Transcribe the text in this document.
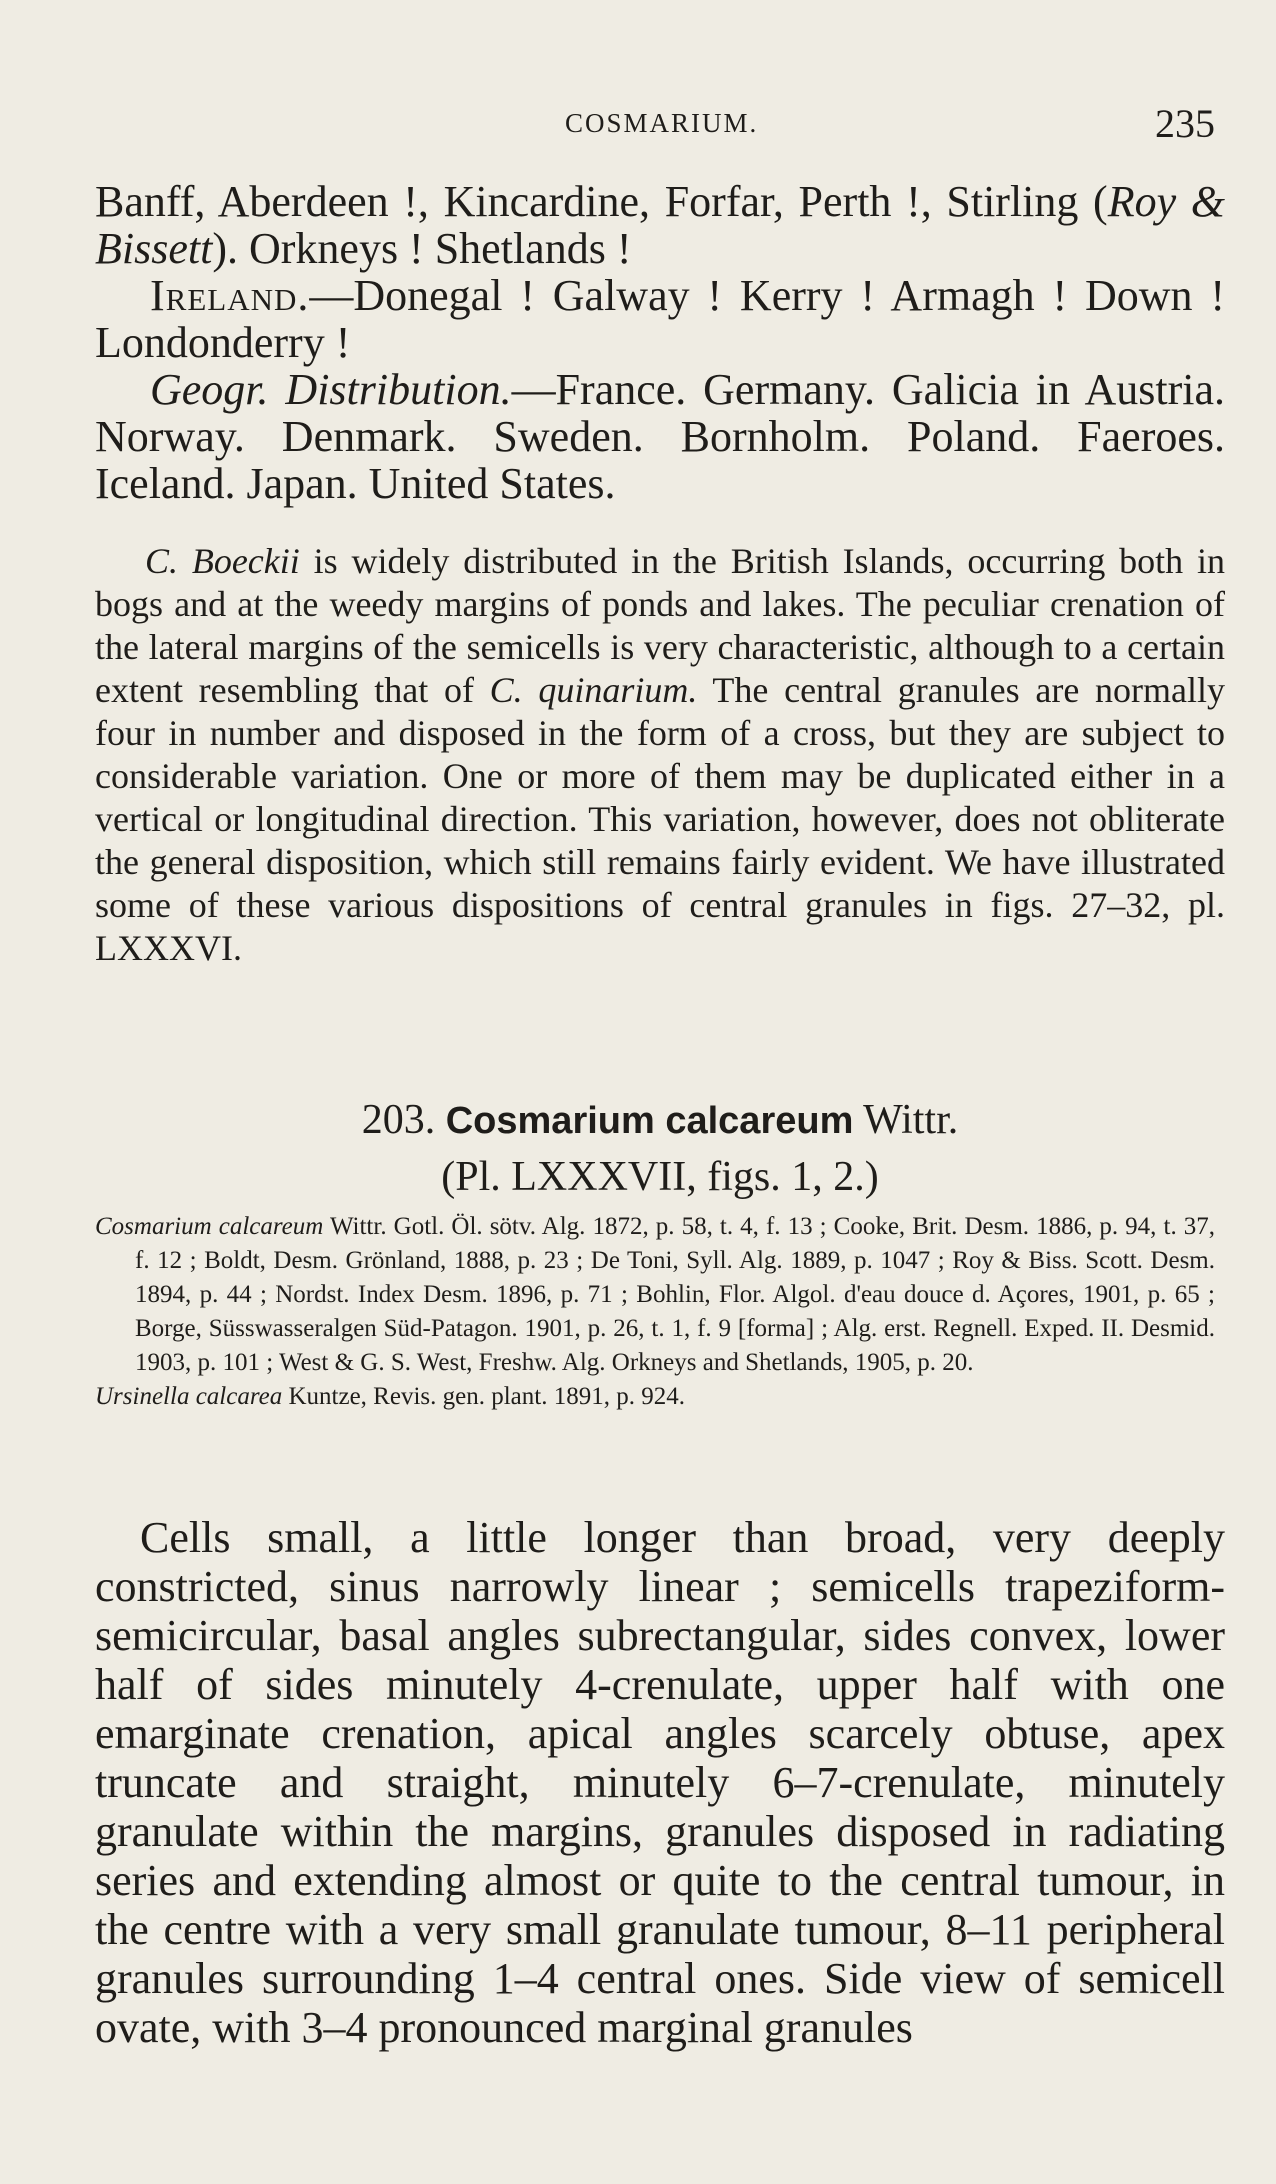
COSMARIUM.	235

Banff, Aberdeen !, Kincardine, Forfar, Perth !, Stirling (Roy & Bissett). Orkneys ! Shetlands !

Ireland.—Donegal ! Galway ! Kerry ! Armagh ! Down ! Londonderry !

Geogr. Distribution.—France. Germany. Galicia in Austria. Norway. Denmark. Sweden. Bornholm. Poland. Faeroes. Iceland. Japan. United States.

C. Boeckii is widely distributed in the British Islands, occurring both in bogs and at the weedy margins of ponds and lakes. The peculiar crenation of the lateral margins of the semicells is very characteristic, although to a certain extent resembling that of C. quinarium. The central granules are normally four in number and disposed in the form of a cross, but they are subject to considerable variation. One or more of them may be duplicated either in a vertical or longitudinal direction. This variation, however, does not obliterate the general disposition, which still remains fairly evident. We have illustrated some of these various dispositions of central granules in figs. 27–32, pl. LXXXVI.

203. Cosmarium calcareum Wittr.
(Pl. LXXXVII, figs. 1, 2.)

Cosmarium calcareum Wittr. Gotl. Öl. sötv. Alg. 1872, p. 58, t. 4, f. 13 ; Cooke, Brit. Desm. 1886, p. 94, t. 37, f. 12 ; Boldt, Desm. Grönland, 1888, p. 23 ; De Toni, Syll. Alg. 1889, p. 1047 ; Roy & Biss. Scott. Desm. 1894, p. 44 ; Nordst. Index Desm. 1896, p. 71 ; Bohlin, Flor. Algol. d'eau douce d. Açores, 1901, p. 65 ; Borge, Süsswasseralgen Süd-Patagon. 1901, p. 26, t. 1, f. 9 [forma] ; Alg. erst. Regnell. Exped. II. Desmid. 1903, p. 101 ; West & G. S. West, Freshw. Alg. Orkneys and Shetlands, 1905, p. 20.

Ursinella calcarea Kuntze, Revis. gen. plant. 1891, p. 924.

Cells small, a little longer than broad, very deeply constricted, sinus narrowly linear ; semicells trapeziform-semicircular, basal angles subrectangular, sides convex, lower half of sides minutely 4-crenulate, upper half with one emarginate crenation, apical angles scarcely obtuse, apex truncate and straight, minutely 6–7-crenulate, minutely granulate within the margins, granules disposed in radiating series and extending almost or quite to the central tumour, in the centre with a very small granulate tumour, 8–11 peripheral granules surrounding 1–4 central ones. Side view of semicell ovate, with 3–4 pronounced marginal granules
